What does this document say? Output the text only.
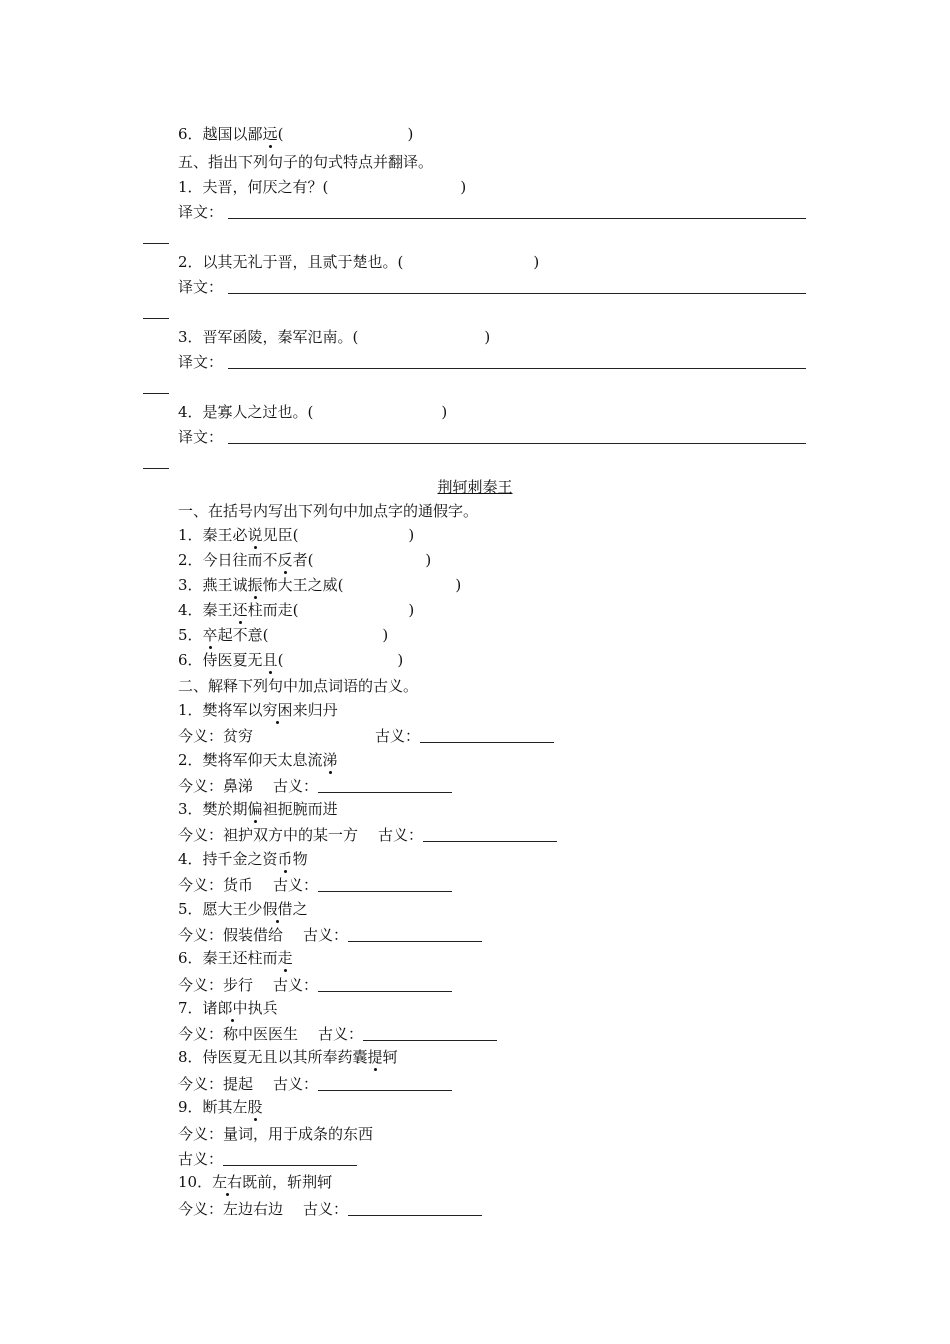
6．越国以鄙远(	)
五、指出下列句子的句式特点并翻译。
1．夫晋，何厌之有？(	)
译文：
2．以其无礼于晋，且贰于楚也。(	)
译文：
3．晋军函陵，秦军氾南。(	)
译文：
4．是寡人之过也。(	)
译文：
荆轲刺秦王
一、在括号内写出下列句中加点字的通假字。
1．秦王必说见臣(	)
2．今日往而不反者(	)
3．燕王诚振怖大王之威(	)
4．秦王还柱而走(	)
5．卒起不意(	)
6．侍医夏无且(	)
二、解释下列句中加点词语的古义。
1．樊将军以穷困来归丹
今义：贫穷	古义：
2．樊将军仰天太息流涕
今义：鼻涕 古义：
3．樊於期偏袒扼腕而进
今义：袒护双方中的某一方 古义：
4．持千金之资币物
今义：货币 古义：
5．愿大王少假借之
今义：假装借给 古义：
6．秦王还柱而走
今义：步行 古义：
7．诸郎中执兵
今义：称中医医生 古义：
8．侍医夏无且以其所奉药囊提轲
今义：提起 古义：
9．断其左股
今义：量词，用于成条的东西
古义：
10．左右既前，斩荆轲
今义：左边右边 古义：
